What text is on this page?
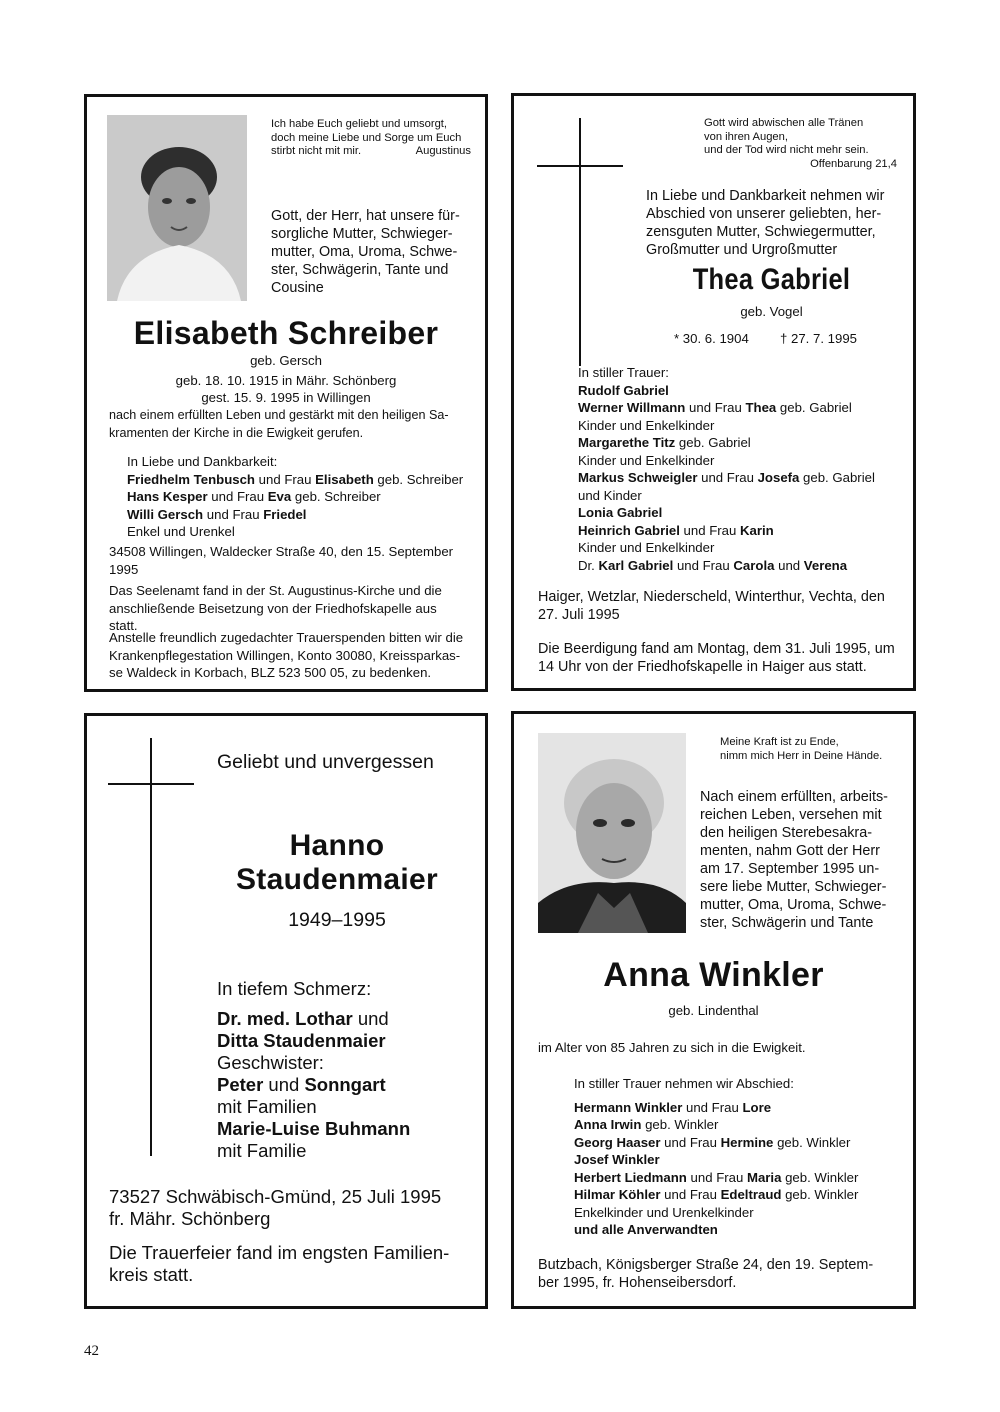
Ich habe Euch geliebt und umsorgt,
doch meine Liebe und Sorge um Euch
stirbt nicht mit mir.	Augustinus
Gott, der Herr, hat unsere für-
sorgliche Mutter, Schwieger-
mutter, Oma, Uroma, Schwe-
ster, Schwägerin, Tante und
Cousine
Elisabeth Schreiber
geb. Gersch
geb. 18. 10. 1915 in Mähr. Schönberg
gest. 15. 9. 1995 in Willingen
nach einem erfüllten Leben und gestärkt mit den heiligen Sa-
kramenten der Kirche in die Ewigkeit gerufen.
In Liebe und Dankbarkeit:
Friedhelm Tenbusch und Frau Elisabeth geb. Schreiber
Hans Kesper und Frau Eva geb. Schreiber
Willi Gersch und Frau Friedel
Enkel und Urenkel
34508 Willingen, Waldecker Straße 40, den 15. September
1995
Das Seelenamt fand in der St. Augustinus-Kirche und die
anschließende Beisetzung von der Friedhofskapelle aus
statt.
Anstelle freundlich zugedachter Trauerspenden bitten wir die
Krankenpflegestation Willingen, Konto 30080, Kreissparkas-
se Waldeck in Korbach, BLZ 523 500 05, zu bedenken.
Gott wird abwischen alle Tränen
von ihren Augen,
und der Tod wird nicht mehr sein.
Offenbarung 21,4
In Liebe und Dankbarkeit nehmen wir
Abschied von unserer geliebten, her-
zensguten Mutter, Schwiegermutter,
Großmutter und Urgroßmutter
Thea Gabriel
geb. Vogel
* 30. 6. 1904 † 27. 7. 1995
In stiller Trauer:
Rudolf Gabriel
Werner Willmann und Frau Thea geb. Gabriel
Kinder und Enkelkinder
Margarethe Titz geb. Gabriel
Kinder und Enkelkinder
Markus Schweigler und Frau Josefa geb. Gabriel
und Kinder
Lonia Gabriel
Heinrich Gabriel und Frau Karin
Kinder und Enkelkinder
Dr. Karl Gabriel und Frau Carola und Verena
Haiger, Wetzlar, Niederscheld, Winterthur, Vechta, den
27. Juli 1995
Die Beerdigung fand am Montag, dem 31. Juli 1995, um
14 Uhr von der Friedhofskapelle in Haiger aus statt.
Geliebt und unvergessen
Hanno
Staudenmaier
1949–1995
In tiefem Schmerz:
Dr. med. Lothar und
Ditta Staudenmaier
Geschwister:
Peter und Sonngart
mit Familien
Marie-Luise Buhmann
mit Familie
73527 Schwäbisch-Gmünd, 25 Juli 1995
fr. Mähr. Schönberg
Die Trauerfeier fand im engsten Familien-
kreis statt.
Meine Kraft ist zu Ende,
nimm mich Herr in Deine Hände.
Nach einem erfüllten, arbeits-
reichen Leben, versehen mit
den heiligen Sterebesakra-
menten, nahm Gott der Herr
am 17. September 1995 un-
sere liebe Mutter, Schwieger-
mutter, Oma, Uroma, Schwe-
ster, Schwägerin und Tante
Anna Winkler
geb. Lindenthal
im Alter von 85 Jahren zu sich in die Ewigkeit.
In stiller Trauer nehmen wir Abschied:
Hermann Winkler und Frau Lore
Anna Irwin geb. Winkler
Georg Haaser und Frau Hermine geb. Winkler
Josef Winkler
Herbert Liedmann und Frau Maria geb. Winkler
Hilmar Köhler und Frau Edeltraud geb. Winkler
Enkelkinder und Urenkelkinder
und alle Anverwandten
Butzbach, Königsberger Straße 24, den 19. Septem-
ber 1995, fr. Hohenseibersdorf.
42
